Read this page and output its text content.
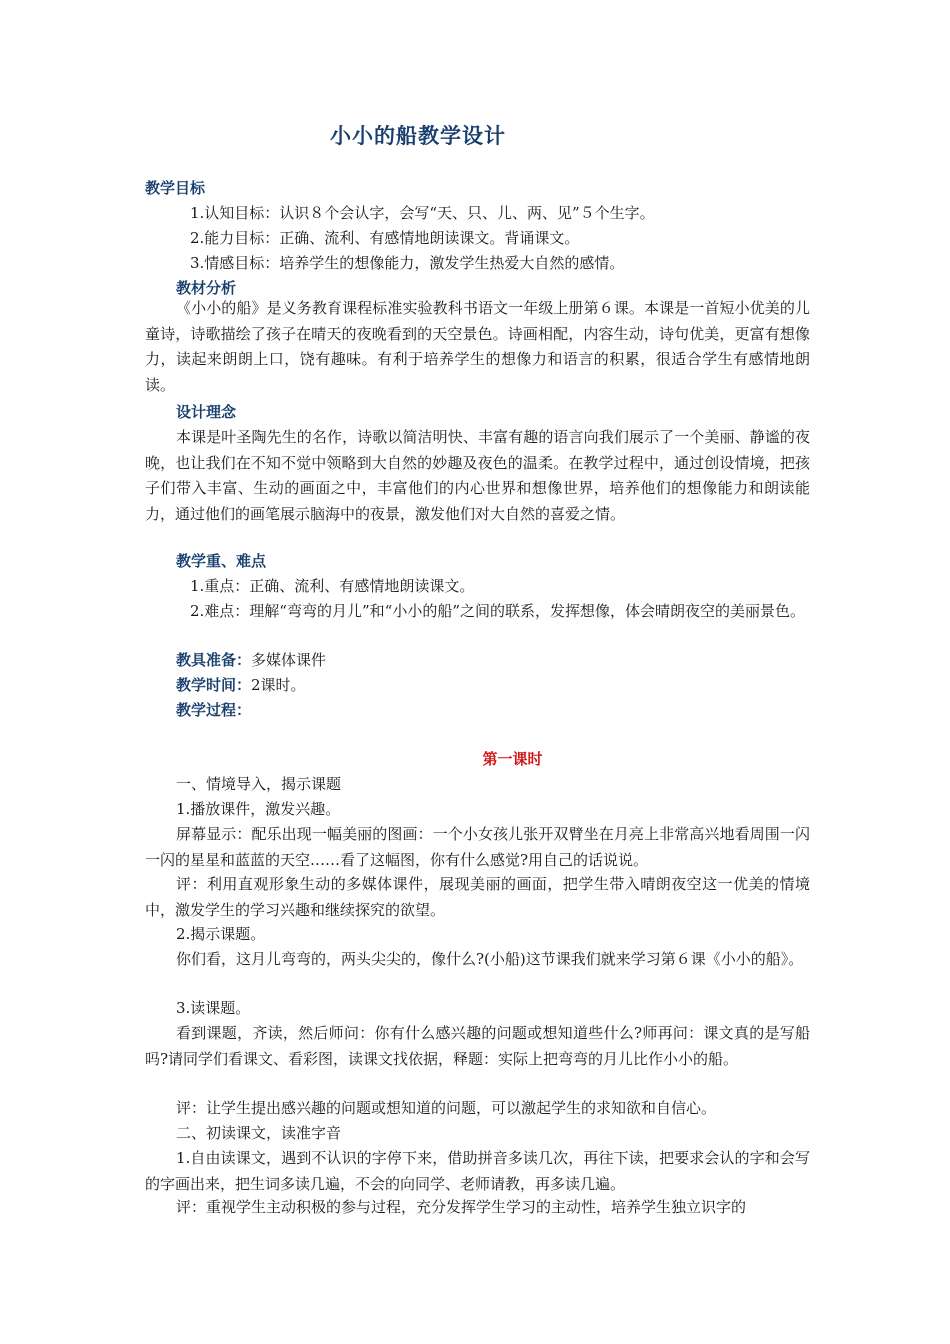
小小的船教学设计

教学目标

1.认知目标：认识８个会认字，会写“天、只、儿、两、见”５个生字。

2.能力目标：正确、流利、有感情地朗读课文。背诵课文。

3.情感目标：培养学生的想像能力，激发学生热爱大自然的感情。

教材分析

《小小的船》是义务教育课程标准实验教科书语文一年级上册第６课。本课是一首短小优美的儿童诗，诗歌描绘了孩子在晴天的夜晚看到的天空景色。诗画相配，内容生动，诗句优美，更富有想像力，读起来朗朗上口，饶有趣味。有利于培养学生的想像力和语言的积累，很适合学生有感情地朗读。

设计理念

本课是叶圣陶先生的名作，诗歌以简洁明快、丰富有趣的语言向我们展示了一个美丽、静谧的夜晚，也让我们在不知不觉中领略到大自然的妙趣及夜色的温柔。在教学过程中，通过创设情境，把孩子们带入丰富、生动的画面之中，丰富他们的内心世界和想像世界，培养他们的想像能力和朗读能力，通过他们的画笔展示脑海中的夜景，激发他们对大自然的喜爱之情。

教学重、难点

1.重点：正确、流利、有感情地朗读课文。

2.难点：理解“弯弯的月儿”和“小小的船”之间的联系，发挥想像，体会晴朗夜空的美丽景色。

教具准备：多媒体课件

教学时间：2课时。

教学过程：

第一课时

一、情境导入，揭示课题

1.播放课件，激发兴趣。

屏幕显示：配乐出现一幅美丽的图画：一个小女孩儿张开双臂坐在月亮上非常高兴地看周围一闪一闪的星星和蓝蓝的天空……看了这幅图，你有什么感觉?用自己的话说说。

评：利用直观形象生动的多媒体课件，展现美丽的画面，把学生带入晴朗夜空这一优美的情境中，激发学生的学习兴趣和继续探究的欲望。

2.揭示课题。

你们看，这月儿弯弯的，两头尖尖的，像什么?(小船)这节课我们就来学习第６课《小小的船》。

3.读课题。

看到课题，齐读，然后师问：你有什么感兴趣的问题或想知道些什么?师再问：课文真的是写船吗?请同学们看课文、看彩图，读课文找依据，释题：实际上把弯弯的月儿比作小小的船。

评：让学生提出感兴趣的问题或想知道的问题，可以激起学生的求知欲和自信心。

二、初读课文，读准字音

1.自由读课文，遇到不认识的字停下来，借助拼音多读几次，再往下读，把要求会认的字和会写的字画出来，把生词多读几遍，不会的向同学、老师请教，再多读几遍。

评：重视学生主动积极的参与过程，充分发挥学生学习的主动性，培养学生独立识字的
